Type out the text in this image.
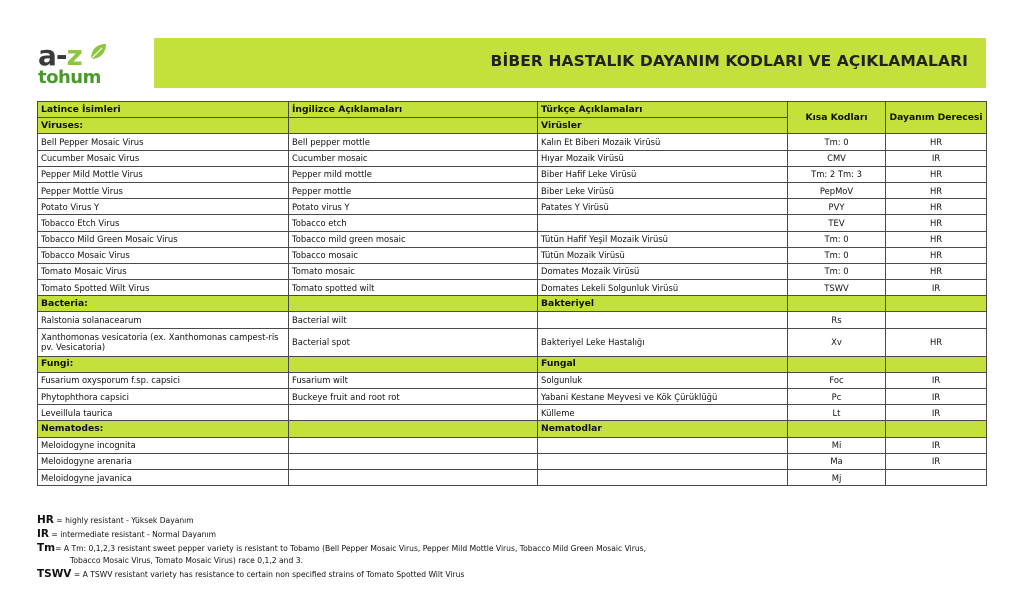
a-z
tohum
BİBER HASTALIK DAYANIM KODLARI VE AÇIKLAMALARI
Latince İsimleri	İngilizce Açıklamaları	Türkçe Açıklamaları	Kısa Kodları	Dayanım Derecesi
Viruses:		Virüsler		
Bell Pepper Mosaic Virus	Bell pepper mottle	Kalın Et Biberi Mozaik Virüsü	Tm: 0	HR
Cucumber Mosaic Virus	Cucumber mosaic	Hıyar Mozaik Virüsü	CMV	IR
Pepper Mild Mottle Virus	Pepper mild mottle	Biber Hafif Leke Virüsü	Tm: 2 Tm: 3	HR
Pepper Mottle Virus	Pepper mottle	Biber Leke Virüsü	PepMoV	HR
Potato Virus Y	Potato virus Y	Patates Y Virüsü	PVY	HR
Tobacco Etch Virus	Tobacco etch		TEV	HR
Tobacco Mild Green Mosaic Virus	Tobacco mild green mosaic	Tütün Hafif Yeşil Mozaik Virüsü	Tm: 0	HR
Tobacco Mosaic Virus	Tobacco mosaic	Tütün Mozaik Virüsü	Tm: 0	HR
Tomato Mosaic Virus	Tomato mosaic	Domates Mozaik Virüsü	Tm: 0	HR
Tomato Spotted Wilt Virus	Tomato spotted wilt	Domates Lekeli Solgunluk Virüsü	TSWV	IR
Bacteria:		Bakteriyel		
Ralstonia solanacearum	Bacterial wilt		Rs	
Xanthomonas vesicatoria (ex. Xanthomonas campest-ris pv. Vesicatoria)	Bacterial spot	Bakteriyel Leke Hastalığı	Xv	HR
Fungi:		Fungal		
Fusarium oxysporum f.sp. capsici	Fusarium wilt	Solgunluk	Foc	IR
Phytophthora capsici	Buckeye fruit and root rot	Yabani Kestane Meyvesi ve Kök Çürüklüğü	Pc	IR
Leveillula taurica		Külleme	Lt	IR
Nematodes:		Nematodlar		
Meloidogyne incognita			Mi	IR
Meloidogyne arenaria			Ma	IR
Meloidogyne javanica			Mj	
HR = highly resistant - Yüksek Dayanım
IR = intermediate resistant - Normal Dayanım
Tm= A Tm: 0,1,2,3 resistant sweet pepper variety is resistant to Tobamo (Bell Pepper Mosaic Virus, Pepper Mild Mottle Virus, Tobacco Mild Green Mosaic Virus,
Tobacco Mosaic Virus, Tomato Mosaic Virus) race 0,1,2 and 3.
TSWV = A TSWV resistant variety has resistance to certain non specified strains of Tomato Spotted Wilt Virus
